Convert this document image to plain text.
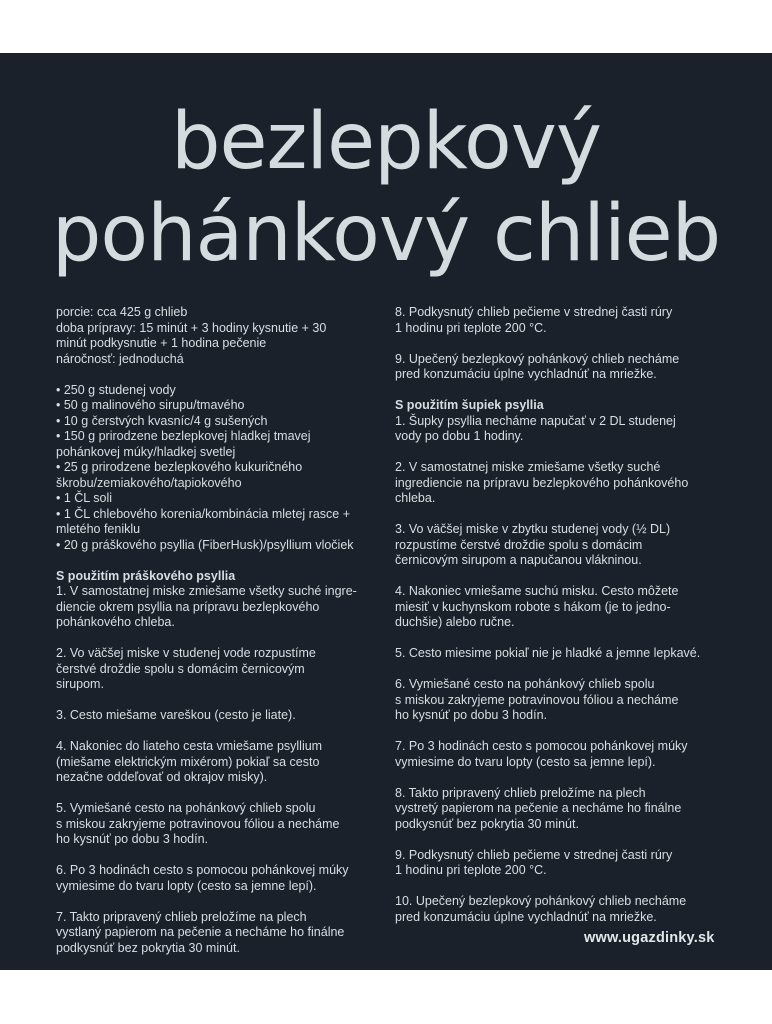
bezlepkový
pohánkový chlieb
porcie: cca 425 g chlieb
doba prípravy: 15 minút + 3 hodiny kysnutie + 30
minút podkysnutie + 1 hodina pečenie
náročnosť: jednoduchá
• 250 g studenej vody
• 50 g malinového sirupu/tmavého
• 10 g čerstvých kvasníc/4 g sušených
• 150 g prirodzene bezlepkovej hladkej tmavej
pohánkovej múky/hladkej svetlej
• 25 g prirodzene bezlepkového kukuričného
škrobu/zemiakového/tapiokového
• 1 ČL soli
• 1 ČL chlebového korenia/kombinácia mletej rasce +
mletého feniklu
• 20 g práškového psyllia (FiberHusk)/psyllium vločiek
S použitím práškového psyllia
1. V samostatnej miske zmiešame všetky suché ingre-
diencie okrem psyllia na prípravu bezlepkového
pohánkového chleba.
2. Vo väčšej miske v studenej vode rozpustíme
čerstvé droždie spolu s domácim černicovým
sirupom.
3. Cesto miešame vareškou (cesto je liate).
4. Nakoniec do liateho cesta vmiešame psyllium
(miešame elektrickým mixérom) pokiaľ sa cesto
nezačne oddeľovať od okrajov misky).
5. Vymiešané cesto na pohánkový chlieb spolu
s miskou zakryjeme potravinovou fóliou a necháme
ho kysnúť po dobu 3 hodín.
6. Po 3 hodinách cesto s pomocou pohánkovej múky
vymiesime do tvaru lopty (cesto sa jemne lepí).
7. Takto pripravený chlieb preložíme na plech
vystlaný papierom na pečenie a necháme ho finálne
podkysnúť bez pokrytia 30 minút.
8. Podkysnutý chlieb pečieme v strednej časti rúry
1 hodinu pri teplote 200 °C.
9. Upečený bezlepkový pohánkový chlieb necháme
pred konzumáciu úplne vychladnúť na mriežke.
S použitím šupiek psyllia
1. Šupky psyllia necháme napučať v 2 DL studenej
vody po dobu 1 hodiny.
2. V samostatnej miske zmiešame všetky suché
ingrediencie na prípravu bezlepkového pohánkového
chleba.
3. Vo väčšej miske v zbytku studenej vody (½ DL)
rozpustíme čerstvé droždie spolu s domácim
černicovým sirupom a napučanou vlákninou.
4. Nakoniec vmiešame suchú misku. Cesto môžete
miesiť v kuchynskom robote s hákom (je to jedno-
duchšie) alebo ručne.
5. Cesto miesime pokiaľ nie je hladké a jemne lepkavé.
6. Vymiešané cesto na pohánkový chlieb spolu
s miskou zakryjeme potravinovou fóliou a necháme
ho kysnúť po dobu 3 hodín.
7. Po 3 hodinách cesto s pomocou pohánkovej múky
vymiesime do tvaru lopty (cesto sa jemne lepí).
8. Takto pripravený chlieb preložíme na plech
vystretý papierom na pečenie a necháme ho finálne
podkysnúť bez pokrytia 30 minút.
9. Podkysnutý chlieb pečieme v strednej časti rúry
1 hodinu pri teplote 200 °C.
10. Upečený bezlepkový pohánkový chlieb necháme
pred konzumáciu úplne vychladnúť na mriežke.
www.ugazdinky.sk
